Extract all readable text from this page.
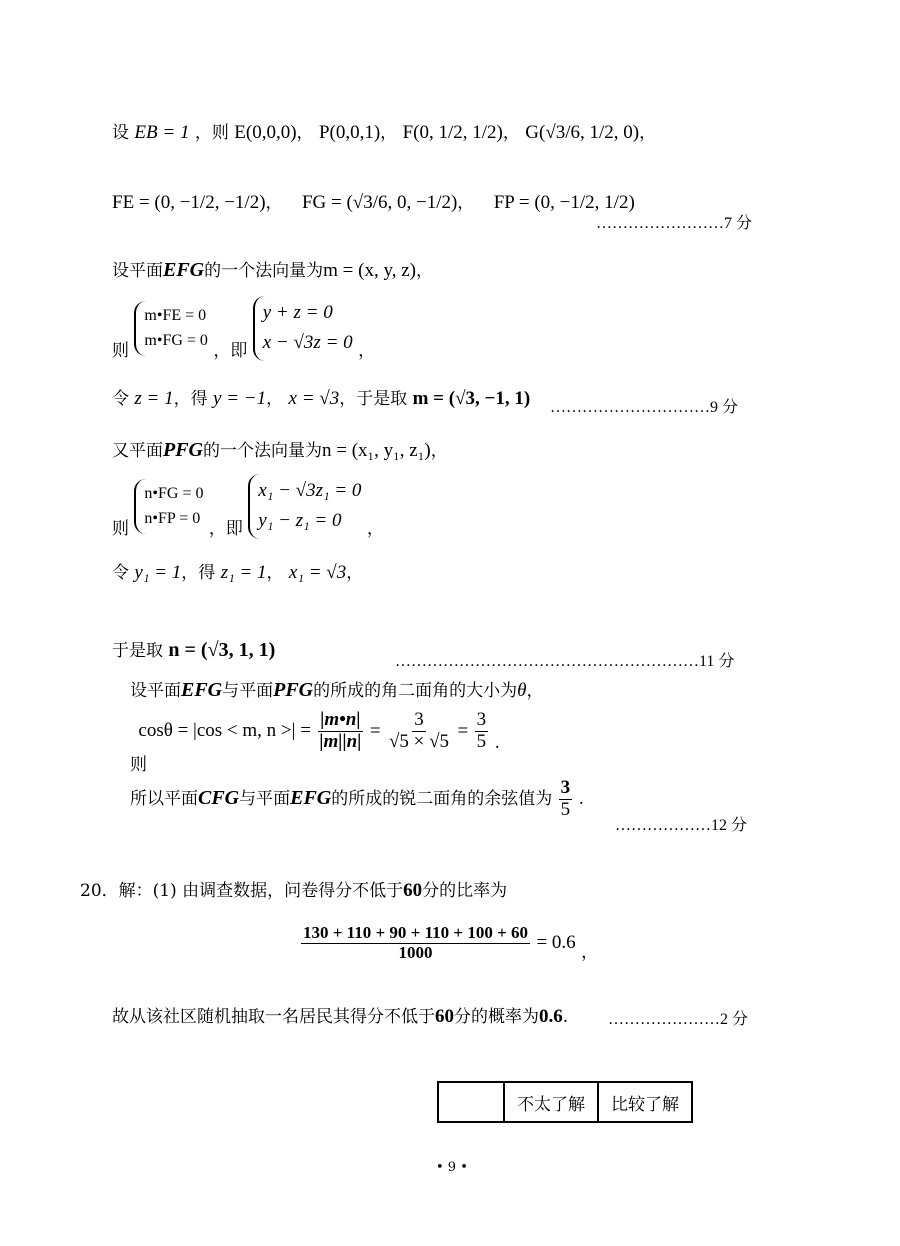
设 EB = 1 ，则 E(0,0,0)， P(0,0,1)， F(0, 1/2, 1/2)， G(√3/6, 1/2, 0)，
FE = (0, −1/2, −1/2)， FG = (√3/6, 0, −1/2)， FP = (0, −1/2, 1/2)
……………………7 分
设平面EFG的一个法向量为m = (x, y, z)，
则
m•FE = 0
m•FG = 0 ，即
y + z = 0
x − √3z = 0 ，
令 z = 1，得 y = −1， x = √3，于是取 m = (√3, −1, 1) …………………………9 分
又平面PFG的一个法向量为n = (x₁, y₁, z₁)，
则
n•FG = 0
n•FP = 0 ，即
x₁ − √3z₁ = 0
y₁ − z₁ = 0	，
令 y₁ = 1，得 z₁ = 1， x₁ = √3，
于是取 n = (√3, 1, 1)
…………………………………………………11 分
设平面EFG与平面PFG的所成的角二面角的大小为θ，
则 cosθ = |cos < m, n >| = $\frac{|m•n|}{|m||n|} = \frac{3}{√5 \times √5} = \frac{3}{5}$ .
所以平面CFG与平面EFG的所成的锐二面角的余弦值为 $\frac{3}{5}$ .
………………12 分
20．解：(1) 由调查数据，问卷得分不低于60分的比率为
$\frac{130 + 110 + 90 + 110 + 100 + 60}{1000} = 0.6$ ，
故从该社区随机抽取一名居民其得分不低于60分的概率为0.6. …………………2 分
	不太了解	比较了解
• 9 •
